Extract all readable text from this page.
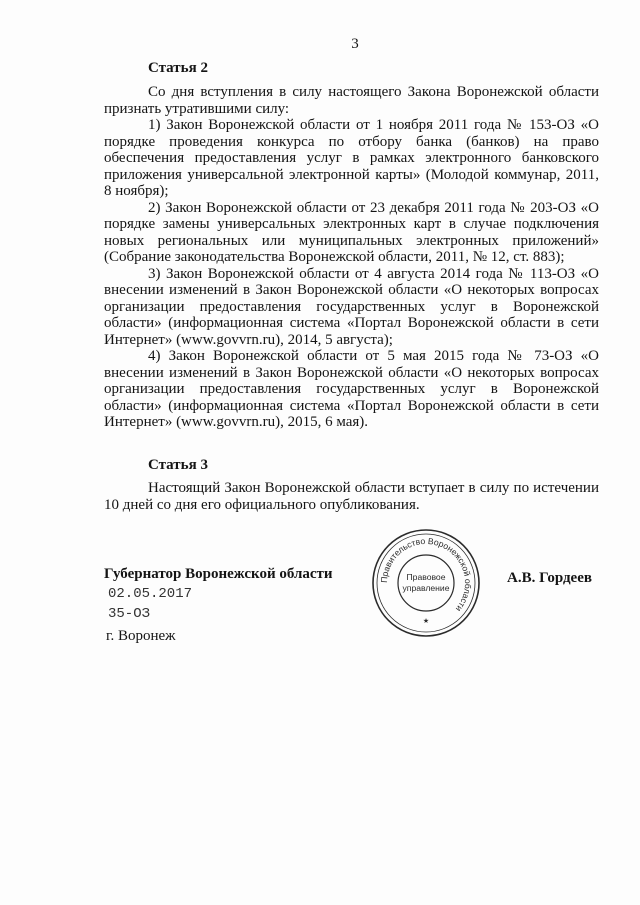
3
Статья 2

Со дня вступления в силу настоящего Закона Воронежской области признать утратившими силу:

1) Закон Воронежской области от 1 ноября 2011 года № 153-ОЗ «О порядке проведения конкурса по отбору банка (банков) на право обеспечения предоставления услуг в рамках электронного банковского приложения универсальной электронной карты» (Молодой коммунар, 2011, 8 ноября);

2) Закон Воронежской области от 23 декабря 2011 года № 203-ОЗ «О порядке замены универсальных электронных карт в случае подключения новых региональных или муниципальных электронных приложений» (Собрание законодательства Воронежской области, 2011, № 12, ст. 883);

3) Закон Воронежской области от 4 августа 2014 года № 113-ОЗ «О внесении изменений в Закон Воронежской области «О некоторых вопросах организации предоставления государственных услуг в Воронежской области» (информационная система «Портал Воронежской области в сети Интернет» (www.govvrn.ru), 2014, 5 августа);

4) Закон Воронежской области от 5 мая 2015 года № 73-ОЗ «О внесении изменений в Закон Воронежской области «О некоторых вопросах организации предоставления государственных услуг в Воронежской области» (информационная система «Портал Воронежской области в сети Интернет» (www.govvrn.ru), 2015, 6 мая).

Статья 3

Настоящий Закон Воронежской области вступает в силу по истечении 10 дней со дня его официального опубликования.

Губернатор Воронежской области	Правительство Воронежской области
Правовое
управление
★
А.В. Гордеев
02.05.2017
35-ОЗ
г. Воронеж
